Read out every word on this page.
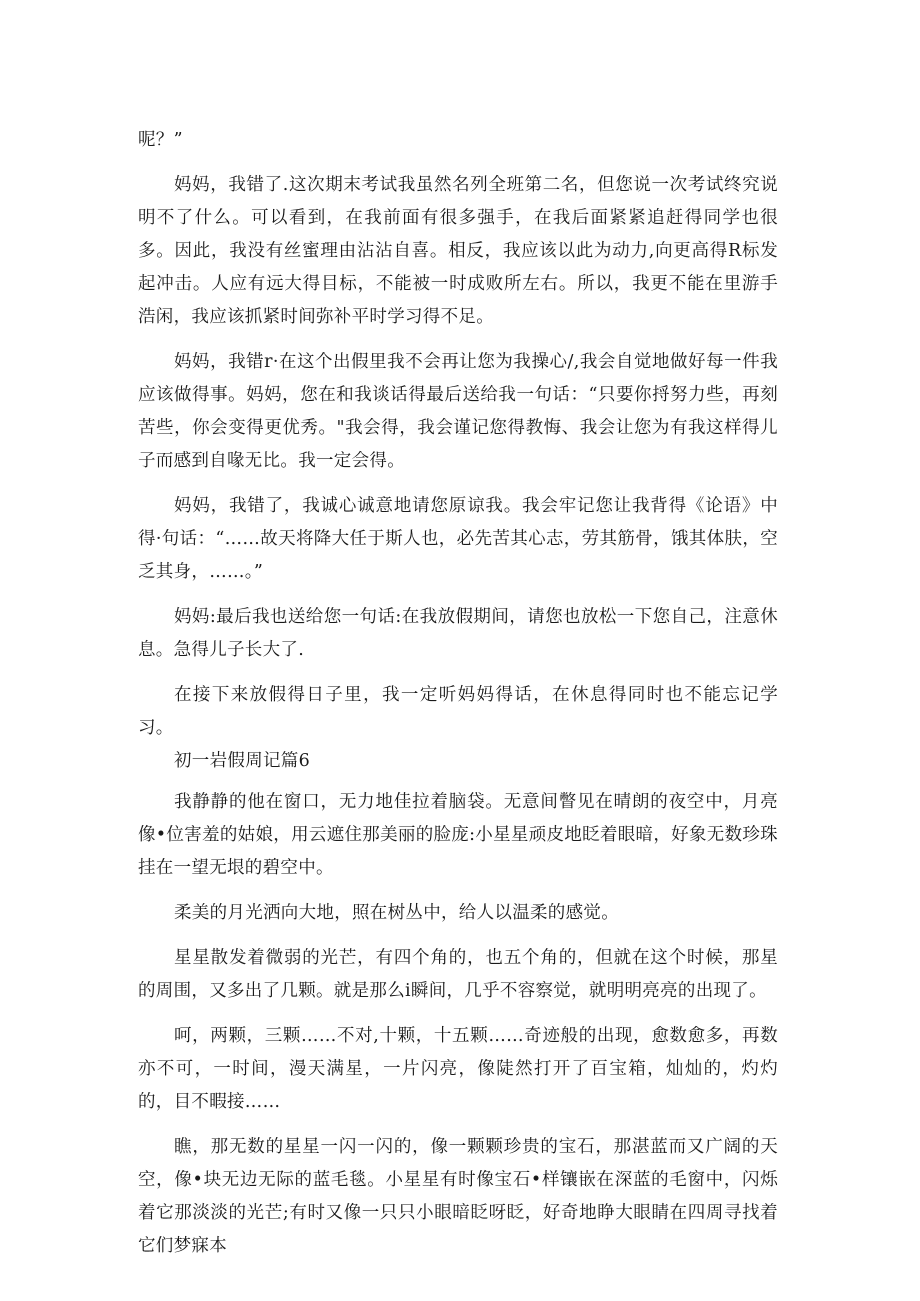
呢？”

妈妈，我错了.这次期末考试我虽然名列全班第二名，但您说一次考试终究说明不了什么。可以看到，在我前面有很多强手，在我后面紧紧追赶得同学也很多。因此，我没有丝蜜理由沾沾自喜。相反，我应该以此为动力,向更高得R标发起冲击。人应有远大得目标，不能被一时成败所左右。所以，我更不能在里游手浩闲，我应该抓紧时间弥补平时学习得不足。

妈妈，我错r·在这个出假里我不会再让您为我操心/,我会自觉地做好每一件我应该做得事。妈妈，您在和我谈话得最后送给我一句话：“只要你捋努力些，再刻苦些，你会变得更优秀。"我会得，我会谨记您得教悔、我会让您为有我这样得儿子而感到自喙无比。我一定会得。

妈妈，我错了，我诚心诚意地请您原谅我。我会牢记您让我背得《论语》中得·句话：“……故天将降大任于斯人也，必先苦其心志，劳其筋骨，饿其体肤，空乏其身，……。”

妈妈:最后我也送给您一句话:在我放假期间，请您也放松一下您自己，注意休息。急得儿子长大了.

在接下来放假得日子里，我一定听妈妈得话，在休息得同时也不能忘记学习。

初一岩假周记篇6

我静静的他在窗口，无力地佳拉着脑袋。无意间瞥见在晴朗的夜空中，月亮像•位害羞的姑娘，用云遮住那美丽的脸庞:小星星顽皮地眨着眼暗，好象无数珍珠挂在一望无垠的碧空中。

柔美的月光洒向大地，照在树丛中，给人以温柔的感觉。

星星散发着微弱的光芒，有四个角的，也五个角的，但就在这个时候，那星的周围，又多出了几颗。就是那么i瞬间，几乎不容察觉，就明明亮亮的出现了。

呵，两颗，三颗……不对,十颗，十五颗……奇迹般的出现，愈数愈多，再数亦不可，一时间，漫天满星，一片闪亮，像陡然打开了百宝箱，灿灿的，灼灼的，目不暇接……

瞧，那无数的星星一闪一闪的，像一颗颗珍贵的宝石，那湛蓝而又广阔的天空，像•块无边无际的蓝毛毯。小星星有时像宝石•样镶嵌在深蓝的毛窗中，闪烁着它那淡淡的光芒;有时又像一只只小眼暗眨呀眨，好奇地睁大眼睛在四周寻找着它们梦寐本
